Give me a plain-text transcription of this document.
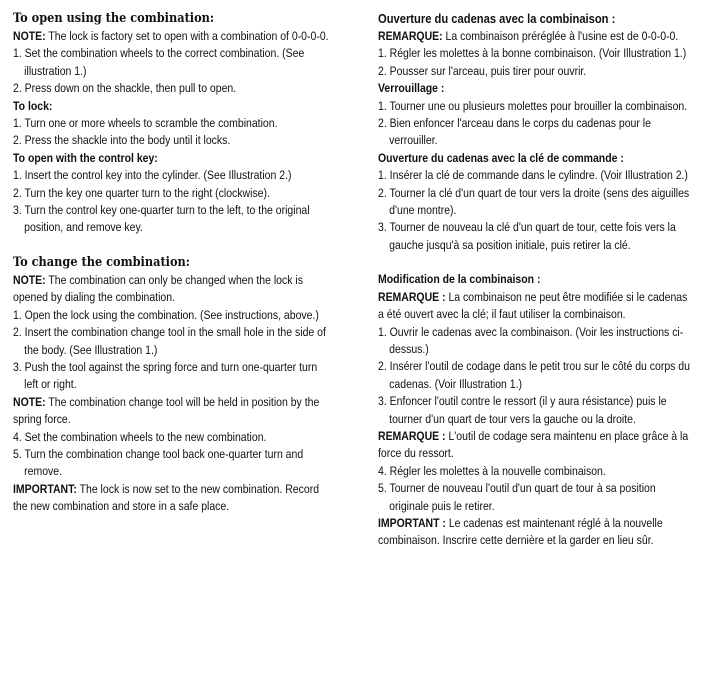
To open using the combination:

NOTE: The lock is factory set to open with a combination of 0-0-0-0.

1. Set the combination wheels to the correct combination. (See illustration 1.)
2. Press down on the shackle, then pull to open.

To lock:

1. Turn one or more wheels to scramble the combination.
2. Press the shackle into the body until it locks.

To open with the control key:

1. Insert the control key into the cylinder. (See Illustration 2.)
2. Turn the key one quarter turn to the right (clockwise).
3. Turn the control key one-quarter turn to the left, to the original position, and remove key.
To change the combination:

NOTE: The combination can only be changed when the lock is opened by dialing the combination.

1. Open the lock using the combination. (See instructions, above.)
2. Insert the combination change tool in the small hole in the side of the body. (See Illustration 1.)
3. Push the tool against the spring force and turn one-quarter turn left or right.

NOTE: The combination change tool will be held in position by the spring force.

4. Set the combination wheels to the new combination.
5. Turn the combination change tool back one-quarter turn and remove.

IMPORTANT: The lock is now set to the new combination. Record the new combination and store in a safe place.

Ouverture du cadenas avec la combinaison :

REMARQUE: La combinaison préréglée à l'usine est de 0-0-0-0.

1. Régler les molettes à la bonne combinaison. (Voir Illustration 1.)
2. Pousser sur l'arceau, puis tirer pour ouvrir.

Verrouillage :

1. Tourner une ou plusieurs molettes pour brouiller la combinaison.
2. Bien enfoncer l'arceau dans le corps du cadenas pour le verrouiller.

Ouverture du cadenas avec la clé de commande :

1. Insérer la clé de commande dans le cylindre. (Voir Illustration 2.)
2. Tourner la clé d'un quart de tour vers la droite (sens des aiguilles d'une montre).
3. Tourner de nouveau la clé d'un quart de tour, cette fois vers la gauche jusqu'à sa position initiale, puis retirer la clé.

Modification de la combinaison :

REMARQUE : La combinaison ne peut être modifiée si le cadenas a été ouvert avec la clé; il faut utiliser la combinaison.

1. Ouvrir le cadenas avec la combinaison. (Voir les instructions ci-dessus.)
2. Insérer l'outil de codage dans le petit trou sur le côté du corps du cadenas. (Voir Illustration 1.)
3. Enfoncer l'outil contre le ressort (il y aura résistance) puis le tourner d'un quart de tour vers la gauche ou la droite.

REMARQUE : L'outil de codage sera maintenu en place grâce à la force du ressort.

4. Régler les molettes à la nouvelle combinaison.
5. Tourner de nouveau l'outil d'un quart de tour à sa position originale puis le retirer.

IMPORTANT : Le cadenas est maintenant réglé à la nouvelle combinaison. Inscrire cette dernière et la garder en lieu sûr.
